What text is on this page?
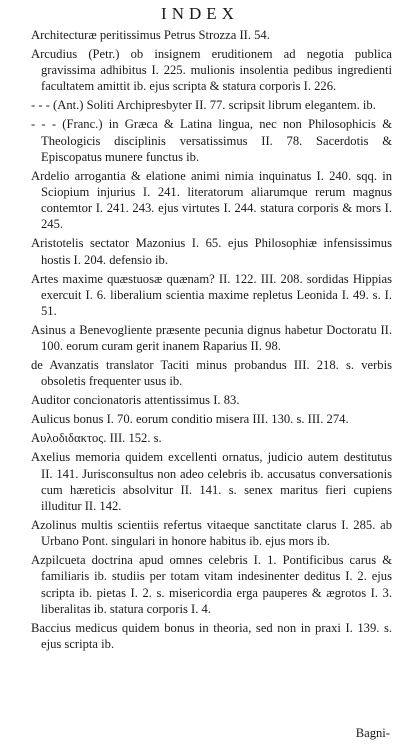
INDEX

Architecturæ peritissimus Petrus Strozza II. 54.

Arcudius (Petr.) ob insignem eruditionem ad negotia publica gravissima adhibitus I. 225. mulionis insolentia pedibus ingredienti facultatem amittit ib. ejus scripta & statura corporis I. 226.

- - - (Ant.) Soliti Archipresbyter II. 77. scripsit librum elegantem. ib.

- - - (Franc.) in Græca & Latina lingua, nec non Philosophicis & Theologicis disciplinis versatissimus II. 78. Sacerdotis & Episcopatus munere functus ib.

Ardelio arrogantia & elatione animi nimia inquinatus I. 240. sqq. in Sciopium injurius I. 241. literatorum aliarumque rerum magnus contemtor I. 241. 243. ejus virtutes I. 244. statura corporis & mors I. 245.

Aristotelis sectator Mazonius I. 65. ejus Philosophiæ infensissimus hostis I. 204. defensio ib.

Artes maxime quæstuosæ quænam? II. 122. III. 208. sordidas Hippias exercuit I. 6. liberalium scientia maxime repletus Leonida I. 49. s. I. 51.

Asinus a Benevogliente præsente pecunia dignus habetur Doctoratu II. 100. eorum curam gerit inanem Raparius II. 98.

de Avanzatis translator Taciti minus probandus III. 218. s. verbis obsoletis frequenter usus ib.

Auditor concionatoris attentissimus I. 83.

Aulicus bonus I. 70. eorum conditio misera III. 130. s. III. 274.

Αυλοδιδακτος. III. 152. s.

Axelius memoria quidem excellenti ornatus, judicio autem destitutus II. 141. Jurisconsultus non adeo celebris ib. accusatus conversationis cum hæreticis absolvitur II. 141. s. senex maritus fieri cupiens illuditur II. 142.

Azolinus multis scientiis refertus vitaeque sanctitate clarus I. 285. ab Urbano Pont. singulari in honore habitus ib. ejus mors ib.

Azpilcueta doctrina apud omnes celebris I. 1. Pontificibus carus & familiaris ib. studiis per totam vitam indesinenter deditus I. 2. ejus scripta ib. pietas I. 2. s. misericordia erga pauperes & ægrotos I. 3. liberalitas ib. statura corporis I. 4.

Baccius medicus quidem bonus in theoria, sed non in praxi I. 139. s. ejus scripta ib.

Bagni-
